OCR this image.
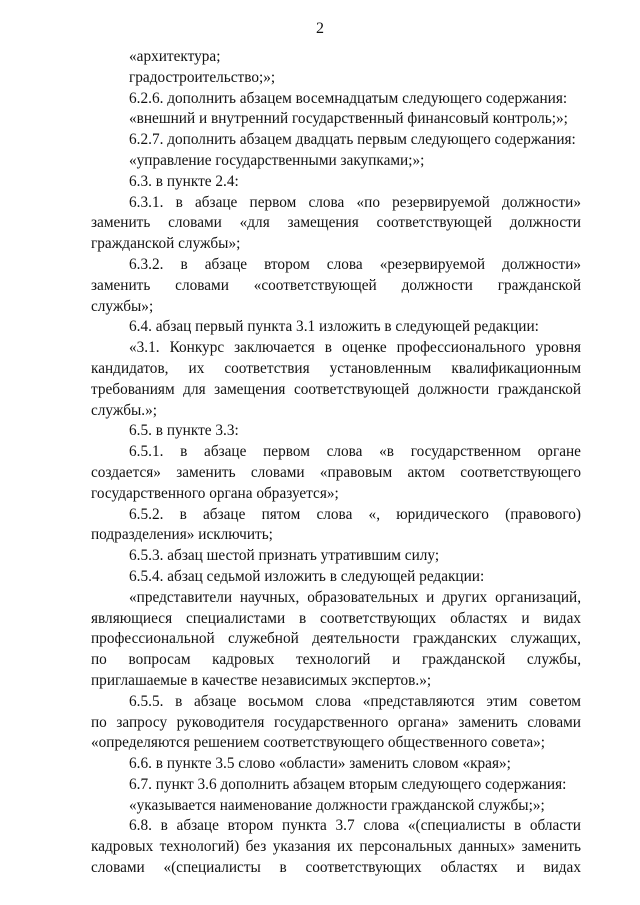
2
«архитектура;
градостроительство;»;
6.2.6. дополнить абзацем восемнадцатым следующего содержания:
«внешний и внутренний государственный финансовый контроль;»;
6.2.7. дополнить абзацем двадцать первым следующего содержания:
«управление государственными закупками;»;
6.3. в пункте 2.4:
6.3.1. в абзаце первом слова «по резервируемой должности»
заменить словами «для замещения соответствующей должности
гражданской службы»;
6.3.2. в абзаце втором слова «резервируемой должности»
заменить словами «соответствующей должности гражданской
службы»;
6.4. абзац первый пункта 3.1 изложить в следующей редакции:
«3.1. Конкурс заключается в оценке профессионального уровня
кандидатов, их соответствия установленным квалификационным
требованиям для замещения соответствующей должности гражданской
службы.»;
6.5. в пункте 3.3:
6.5.1. в абзаце первом слова «в государственном органе
создается» заменить словами «правовым актом соответствующего
государственного органа образуется»;
6.5.2. в абзаце пятом слова «, юридического (правового)
подразделения» исключить;
6.5.3. абзац шестой признать утратившим силу;
6.5.4. абзац седьмой изложить в следующей редакции:
«представители научных, образовательных и других организаций,
являющиеся специалистами в соответствующих областях и видах
профессиональной служебной деятельности гражданских служащих,
по вопросам кадровых технологий и гражданской службы,
приглашаемые в качестве независимых экспертов.»;
6.5.5. в абзаце восьмом слова «представляются этим советом
по запросу руководителя государственного органа» заменить словами
«определяются решением соответствующего общественного совета»;
6.6. в пункте 3.5 слово «области» заменить словом «края»;
6.7. пункт 3.6 дополнить абзацем вторым следующего содержания:
«указывается наименование должности гражданской службы;»;
6.8. в абзаце втором пункта 3.7 слова «(специалисты в области
кадровых технологий) без указания их персональных данных» заменить
словами «(специалисты в соответствующих областях и видах
